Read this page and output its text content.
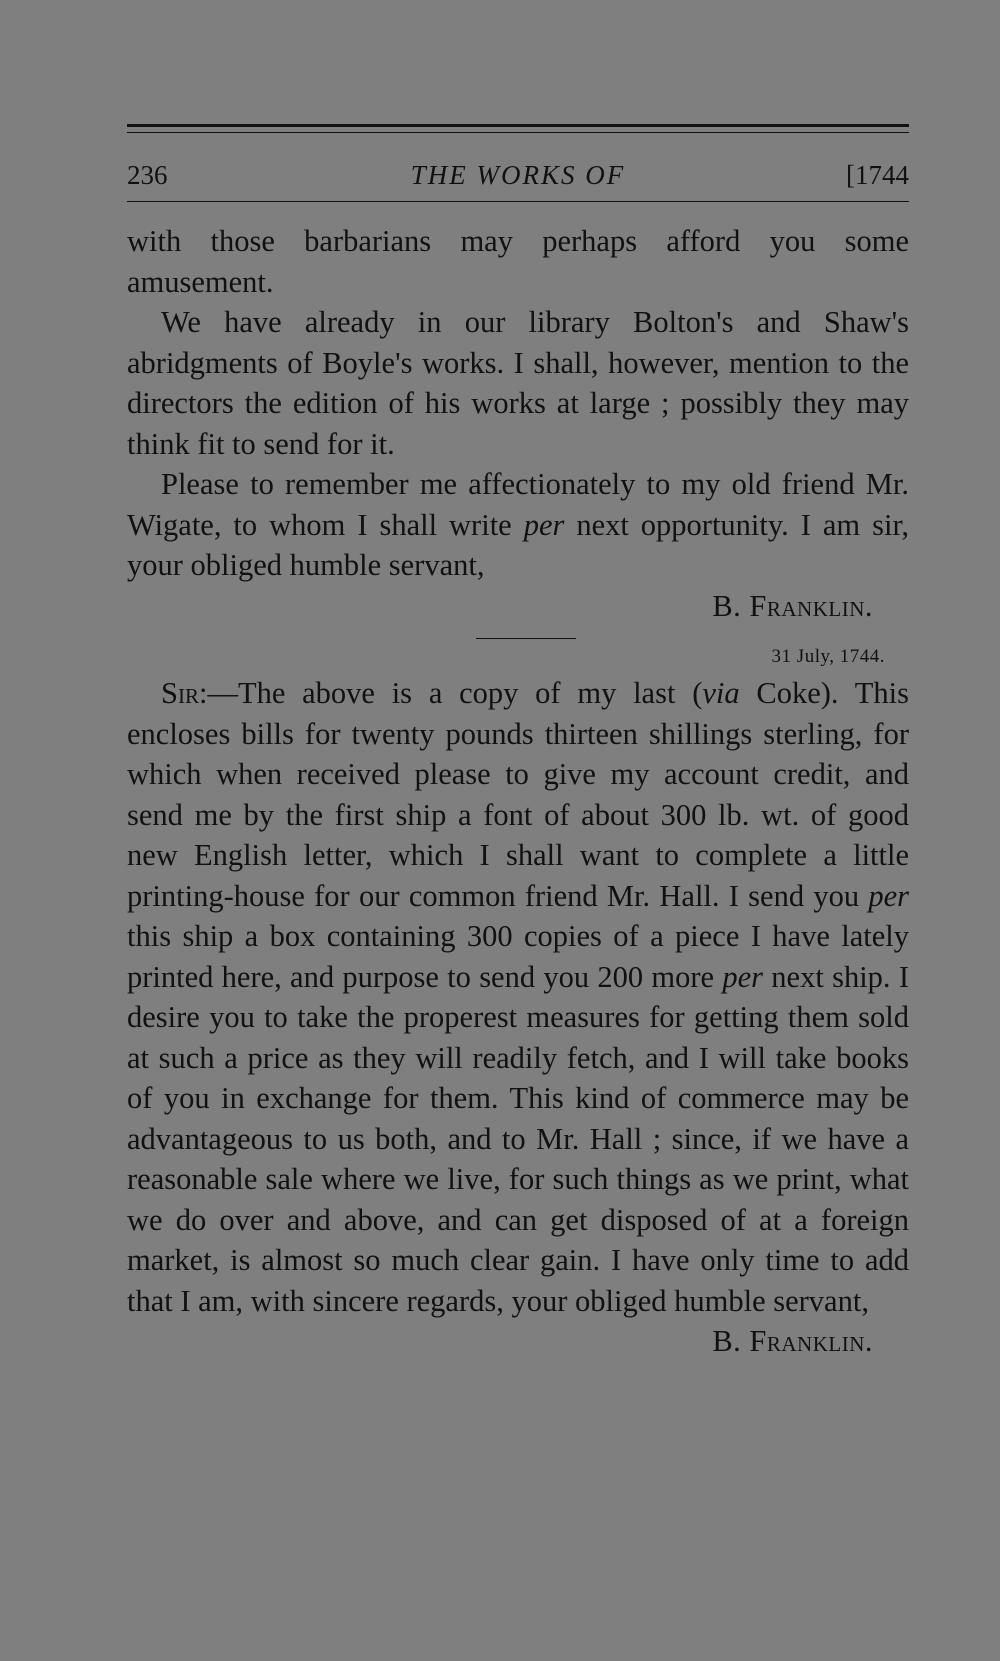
236	THE WORKS OF	[1744

with those barbarians may perhaps afford you some amusement.

We have already in our library Bolton's and Shaw's abridgments of Boyle's works. I shall, however, mention to the directors the edition of his works at large ; possibly they may think fit to send for it.

Please to remember me affectionately to my old friend Mr. Wigate, to whom I shall write per next opportunity. I am sir, your obliged humble servant,

B. Franklin.
31 July, 1744.

Sir:—The above is a copy of my last (via Coke). This encloses bills for twenty pounds thirteen shillings sterling, for which when received please to give my account credit, and send me by the first ship a font of about 300 lb. wt. of good new English letter, which I shall want to complete a little printing-house for our common friend Mr. Hall. I send you per this ship a box containing 300 copies of a piece I have lately printed here, and purpose to send you 200 more per next ship. I desire you to take the properest measures for getting them sold at such a price as they will readily fetch, and I will take books of you in exchange for them. This kind of commerce may be advantageous to us both, and to Mr. Hall ; since, if we have a reasonable sale where we live, for such things as we print, what we do over and above, and can get disposed of at a foreign market, is almost so much clear gain. I have only time to add that I am, with sincere regards, your obliged humble servant,

B. Franklin.
